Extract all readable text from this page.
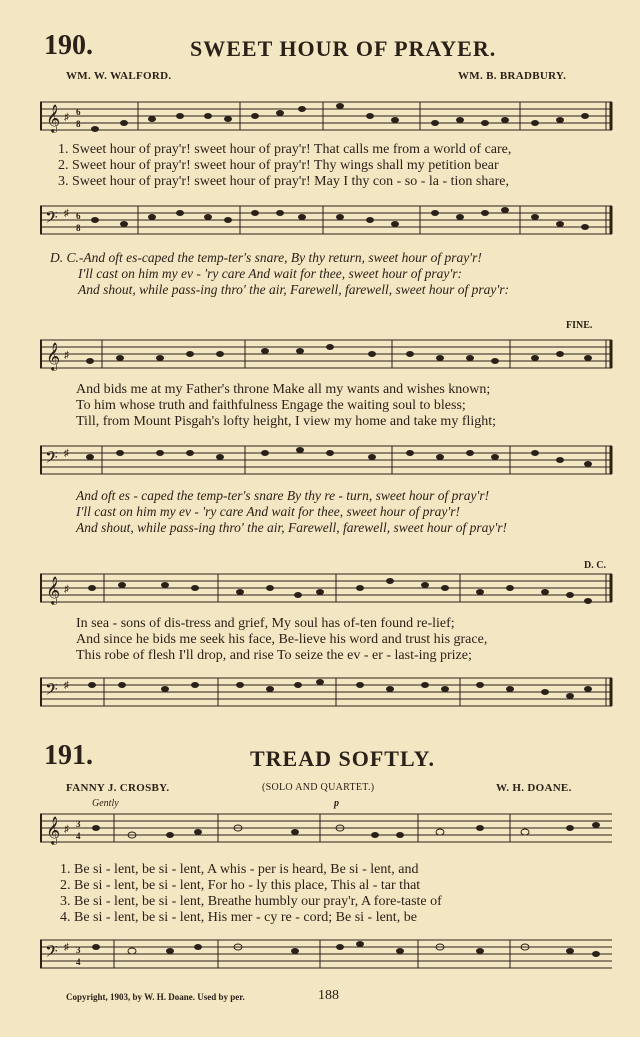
190.	SWEET HOUR OF PRAYER.
WM. W. WALFORD.	WM. B. BRADBURY.
𝄞 ♯ 6
8
1. Sweet hour of pray'r! sweet hour of pray'r! That calls me from a world of care,
2. Sweet hour of pray'r! sweet hour of pray'r! Thy wings shall my petition bear
3. Sweet hour of pray'r! sweet hour of pray'r! May I thy con - so - la - tion share,
𝄢 ♯ 6
8
D. C.-And oft es-caped the temp-ter's snare, By thy return, sweet hour of pray'r!
I'll cast on him my ev - 'ry care And wait for thee, sweet hour of pray'r:
And shout, while pass-ing thro' the air, Farewell, farewell, sweet hour of pray'r:
FINE.
𝄞 ♯
And bids me at my Father's throne Make all my wants and wishes known;
To him whose truth and faithfulness Engage the waiting soul to bless;
Till, from Mount Pisgah's lofty height, I view my home and take my flight;
𝄢 ♯
And oft es - caped the temp-ter's snare By thy re - turn, sweet hour of pray'r!
I'll cast on him my ev - 'ry care And wait for thee, sweet hour of pray'r!
And shout, while pass-ing thro' the air, Farewell, farewell, sweet hour of pray'r!
D. C.
𝄞 ♯
In sea - sons of dis-tress and grief, My soul has of-ten found re-lief;
And since he bids me seek his face, Be-lieve his word and trust his grace,
This robe of flesh I'll drop, and rise To seize the ev - er - last-ing prize;
𝄢 ♯
191.	TREAD SOFTLY.
FANNY J. CROSBY.	(SOLO AND QUARTET.)	W. H. DOANE.
Gently	p
𝄞 ♯ 3
4
1. Be si - lent, be si - lent, A whis - per is heard, Be si - lent, and
2. Be si - lent, be si - lent, For ho - ly this place, This al - tar that
3. Be si - lent, be si - lent, Breathe humbly our pray'r, A fore-taste of
4. Be si - lent, be si - lent, His mer - cy re - cord; Be si - lent, be
𝄢 ♯ 3
4
Copyright, 1903, by W. H. Doane. Used by per.	188
